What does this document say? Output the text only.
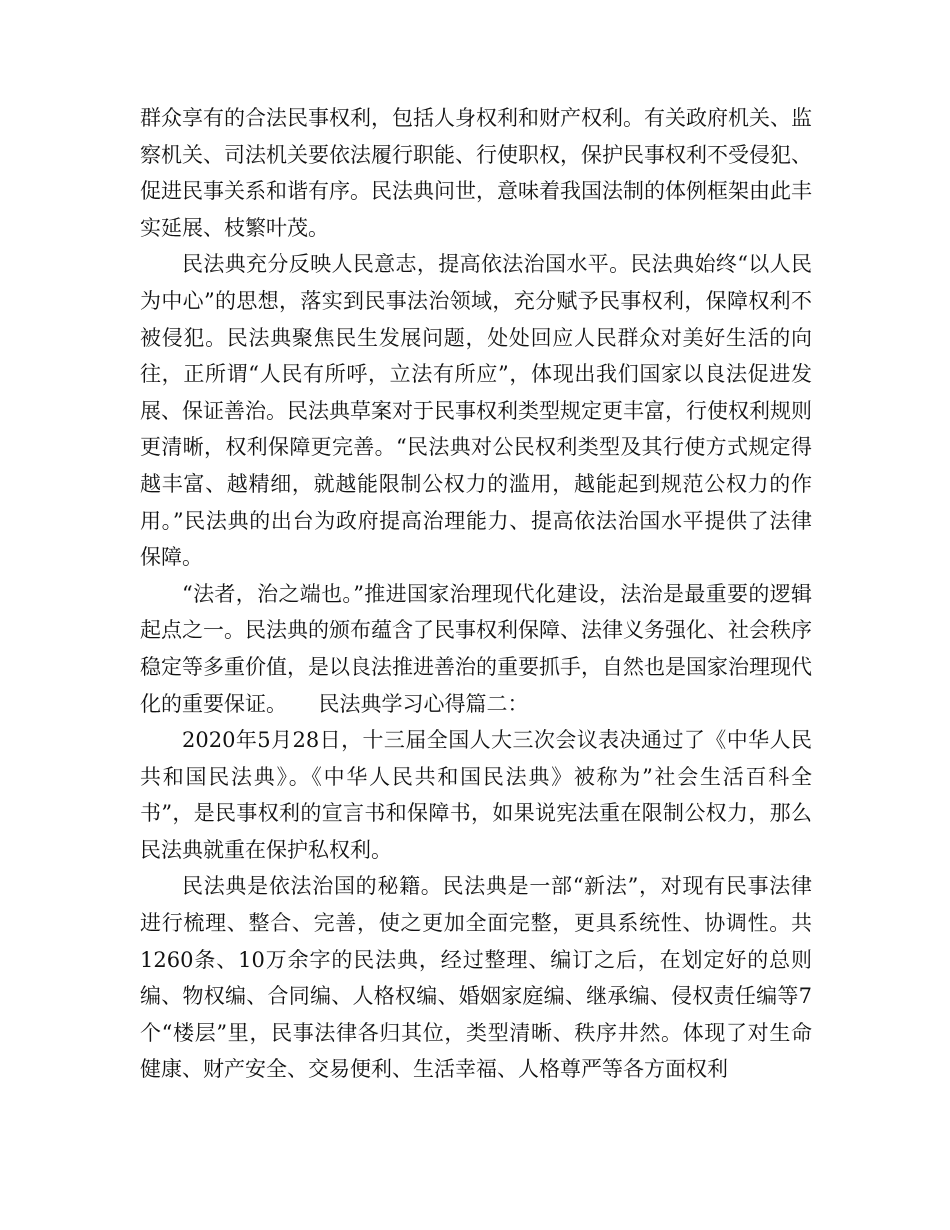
群众享有的合法民事权利，包括人身权利和财产权利。有关政府机关、监察机关、司法机关要依法履行职能、行使职权，保护民事权利不受侵犯、促进民事关系和谐有序。民法典问世，意味着我国法制的体例框架由此丰实延展、枝繁叶茂。

民法典充分反映人民意志，提高依法治国水平。民法典始终“以人民为中心”的思想，落实到民事法治领域，充分赋予民事权利，保障权利不被侵犯。民法典聚焦民生发展问题，处处回应人民群众对美好生活的向往，正所谓“人民有所呼，立法有所应”，体现出我们国家以良法促进发展、保证善治。民法典草案对于民事权利类型规定更丰富，行使权利规则更清晰，权利保障更完善。“民法典对公民权利类型及其行使方式规定得越丰富、越精细，就越能限制公权力的滥用，越能起到规范公权力的作用。”民法典的出台为政府提高治理能力、提高依法治国水平提供了法律保障。

“法者，治之端也。”推进国家治理现代化建设，法治是最重要的逻辑起点之一。民法典的颁布蕴含了民事权利保障、法律义务强化、社会秩序稳定等多重价值，是以良法推进善治的重要抓手，自然也是国家治理现代化的重要保证。　　民法典学习心得篇二：

2020年5月28日，十三届全国人大三次会议表决通过了《中华人民共和国民法典》。《中华人民共和国民法典》被称为”社会生活百科全书”，是民事权利的宣言书和保障书，如果说宪法重在限制公权力，那么民法典就重在保护私权利。

民法典是依法治国的秘籍。民法典是一部“新法”，对现有民事法律进行梳理、整合、完善，使之更加全面完整，更具系统性、协调性。共1260条、10万余字的民法典，经过整理、编订之后，在划定好的总则编、物权编、合同编、人格权编、婚姻家庭编、继承编、侵权责任编等7个“楼层”里，民事法律各归其位，类型清晰、秩序井然。体现了对生命健康、财产安全、交易便利、生活幸福、人格尊严等各方面权利
